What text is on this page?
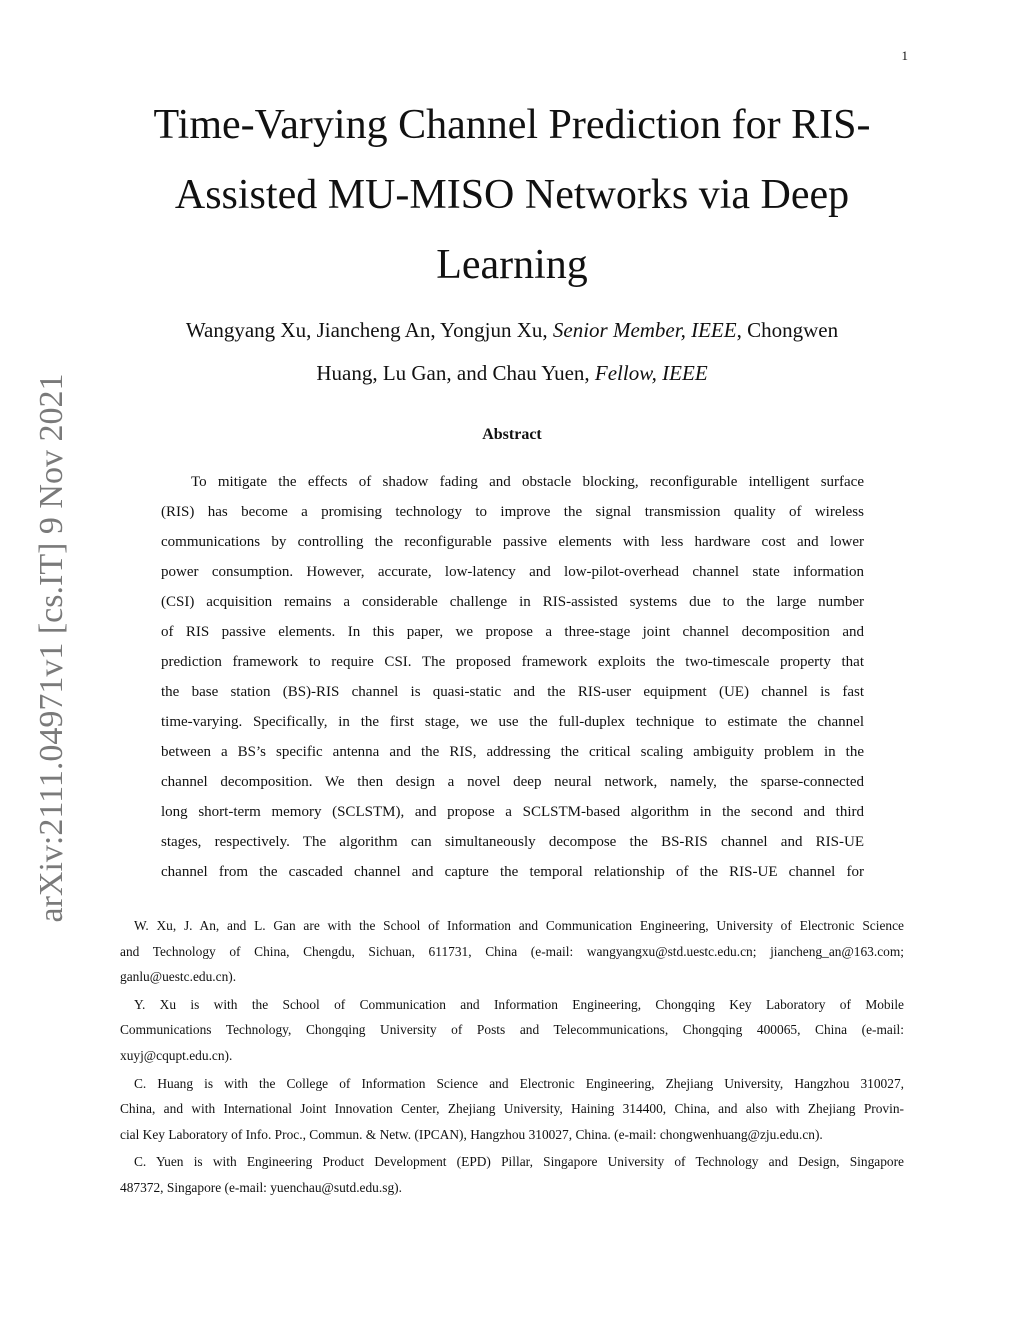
1
arXiv:2111.04971v1 [cs.IT] 9 Nov 2021
Time-Varying Channel Prediction for RIS-Assisted MU-MISO Networks via Deep Learning
Wangyang Xu, Jiancheng An, Yongjun Xu, Senior Member, IEEE, Chongwen
Huang, Lu Gan, and Chau Yuen, Fellow, IEEE
Abstract
To mitigate the effects of shadow fading and obstacle blocking, reconfigurable intelligent surface
(RIS) has become a promising technology to improve the signal transmission quality of wireless
communications by controlling the reconfigurable passive elements with less hardware cost and lower
power consumption. However, accurate, low-latency and low-pilot-overhead channel state information
(CSI) acquisition remains a considerable challenge in RIS-assisted systems due to the large number
of RIS passive elements. In this paper, we propose a three-stage joint channel decomposition and
prediction framework to require CSI. The proposed framework exploits the two-timescale property that
the base station (BS)-RIS channel is quasi-static and the RIS-user equipment (UE) channel is fast
time-varying. Specifically, in the first stage, we use the full-duplex technique to estimate the channel
between a BS’s specific antenna and the RIS, addressing the critical scaling ambiguity problem in the
channel decomposition. We then design a novel deep neural network, namely, the sparse-connected
long short-term memory (SCLSTM), and propose a SCLSTM-based algorithm in the second and third
stages, respectively. The algorithm can simultaneously decompose the BS-RIS channel and RIS-UE
channel from the cascaded channel and capture the temporal relationship of the RIS-UE channel for
W. Xu, J. An, and L. Gan are with the School of Information and Communication Engineering, University of Electronic Science
and Technology of China, Chengdu, Sichuan, 611731, China (e-mail: wangyangxu@std.uestc.edu.cn; jiancheng_an@163.com;
ganlu@uestc.edu.cn).
Y. Xu is with the School of Communication and Information Engineering, Chongqing Key Laboratory of Mobile
Communications Technology, Chongqing University of Posts and Telecommunications, Chongqing 400065, China (e-mail:
xuyj@cqupt.edu.cn).
C. Huang is with the College of Information Science and Electronic Engineering, Zhejiang University, Hangzhou 310027,
China, and with International Joint Innovation Center, Zhejiang University, Haining 314400, China, and also with Zhejiang Provin-
cial Key Laboratory of Info. Proc., Commun. & Netw. (IPCAN), Hangzhou 310027, China. (e-mail: chongwenhuang@zju.edu.cn).
C. Yuen is with Engineering Product Development (EPD) Pillar, Singapore University of Technology and Design, Singapore
487372, Singapore (e-mail: yuenchau@sutd.edu.sg).
